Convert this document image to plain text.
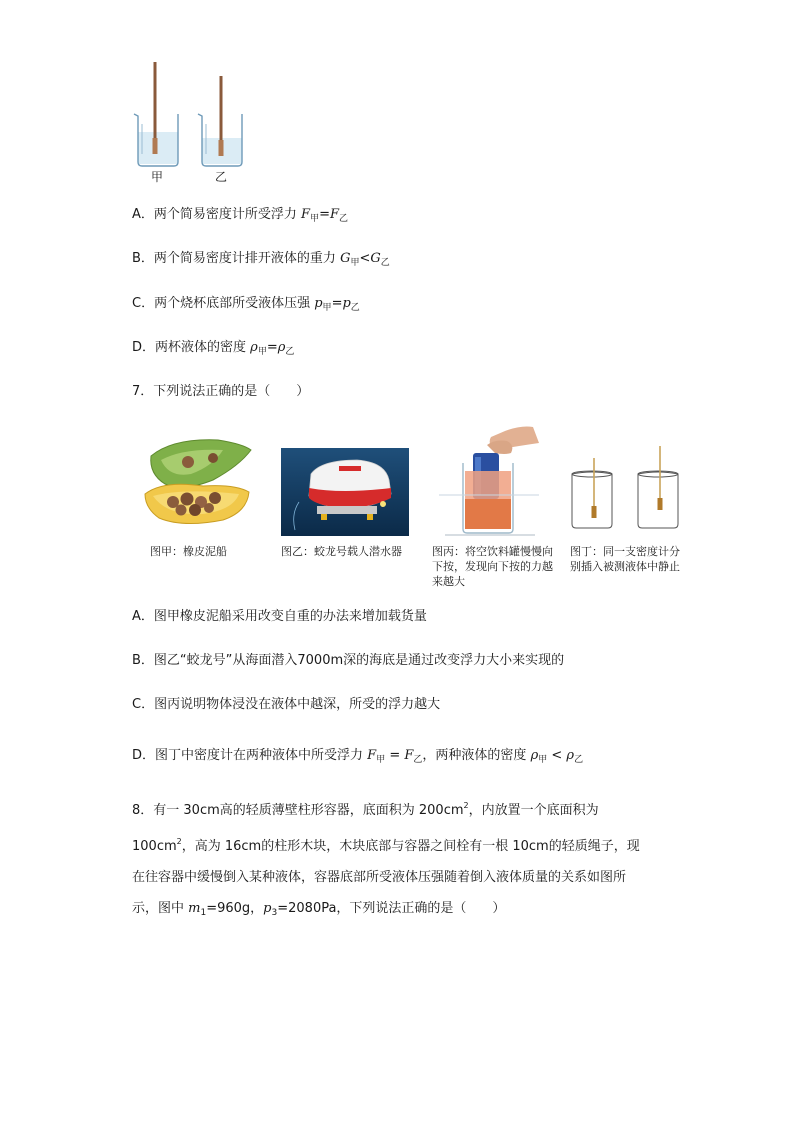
甲	乙
A．两个简易密度计所受浮力 $F_甲=F_乙$
B．两个简易密度计排开液体的重力 $G_甲<G_乙$
C．两个烧杯底部所受液体压强 $p_甲=p_乙$
D．两杯液体的密度 $\rho_甲=\rho_乙$
7．下列说法正确的是（　　）
图甲：橡皮泥船	图乙：蛟龙号载人潜水器	图丙：将空饮料罐慢慢向下按，发现向下按的力越来越大
图丁：同一支密度计分别插入被测液体中静止
A．图甲橡皮泥船采用改变自重的办法来增加载货量
B．图乙“蛟龙号”从海面潜入7000m深的海底是通过改变浮力大小来实现的
C．图丙说明物体浸没在液体中越深，所受的浮力越大
D．图丁中密度计在两种液体中所受浮力 $F_甲 = F_乙$，两种液体的密度 $\rho_甲 < \rho_乙$
8．有一 30cm高的轻质薄壁柱形容器，底面积为 $200cm^2$，内放置一个底面积为
$100cm^2$，高为 16cm的柱形木块，木块底部与容器之间栓有一根 10cm的轻质绳子，现
在往容器中缓慢倒入某种液体，容器底部所受液体压强随着倒入液体质量的关系如图所
示，图中 $m_1=960g$，$p_3=2080Pa$，下列说法正确的是（　　）
